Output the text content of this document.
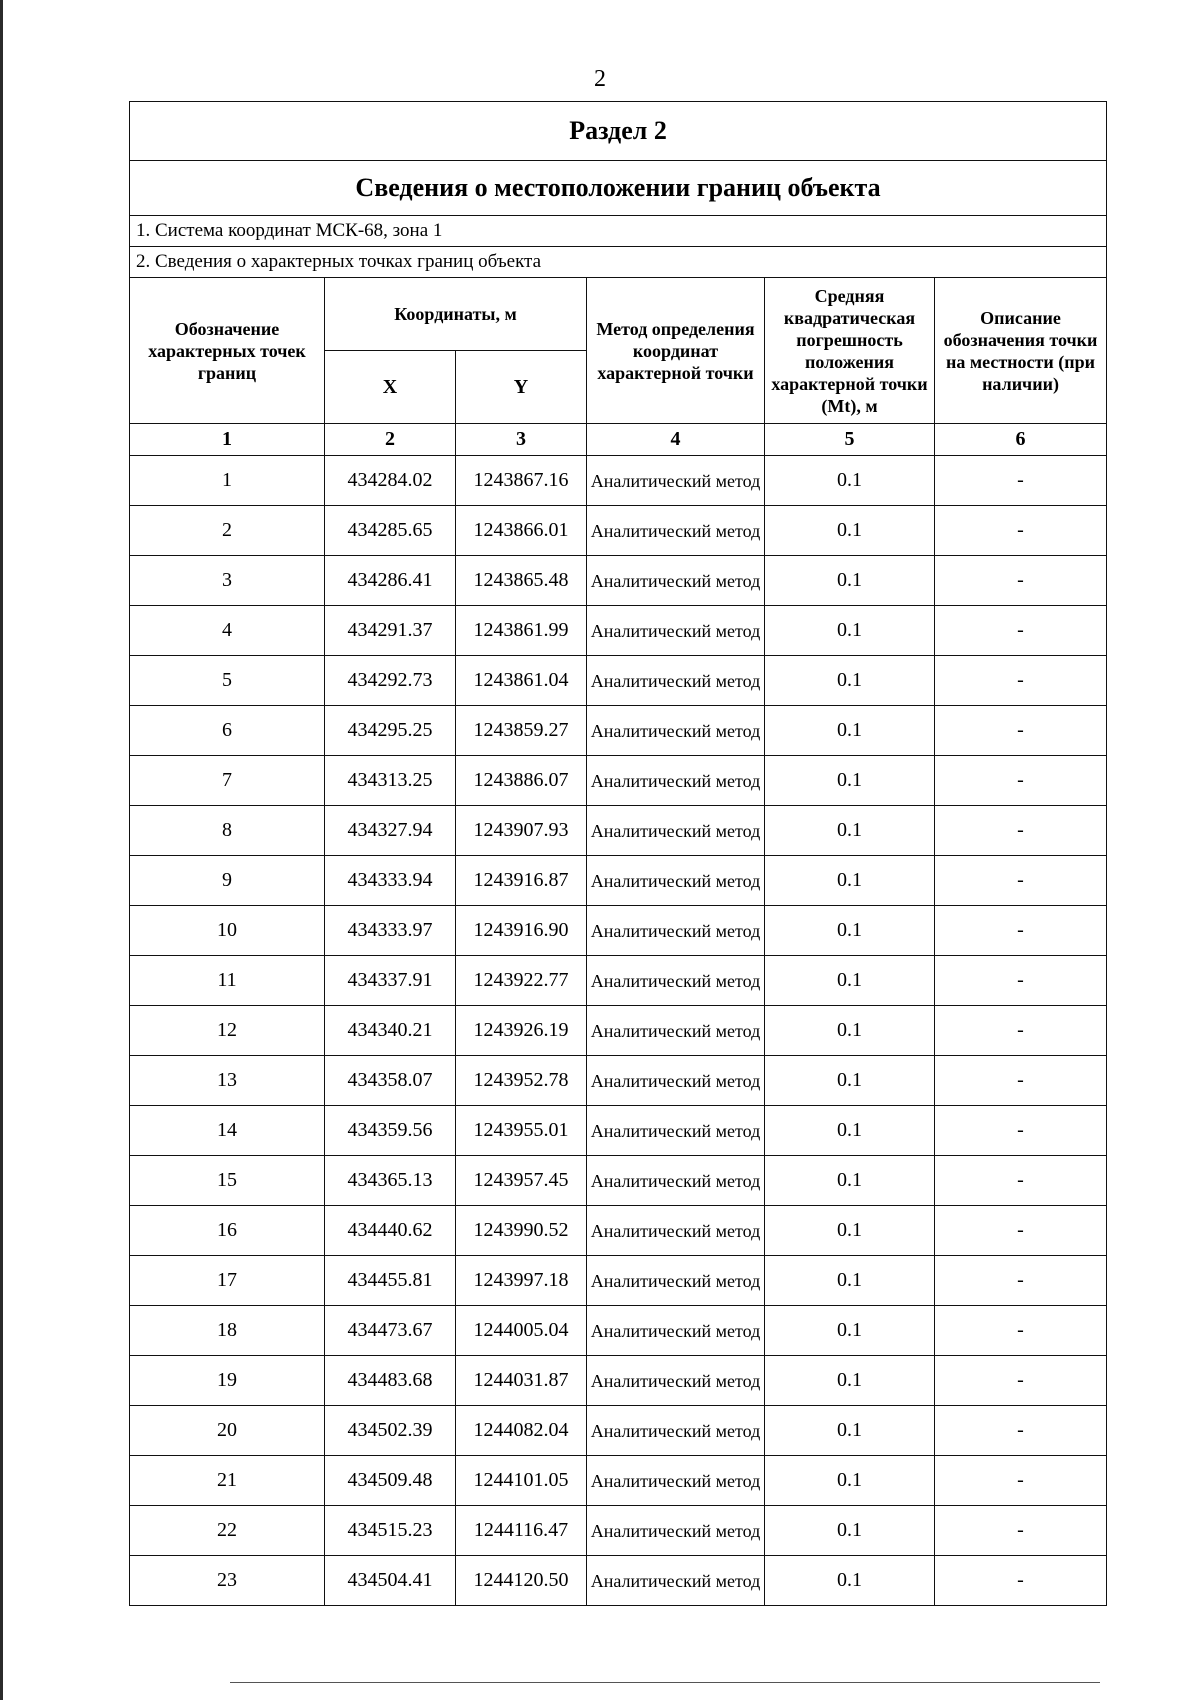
2
Раздел 2					
Сведения о местоположении границ объекта					
1. Система координат МСК-68, зона 1					
2. Сведения о характерных точках границ объекта					
Обозначение характерных точек границ	Координаты, м		Метод определения координат характерной точки	Средняя квадратическая погрешность положения характерной точки (Mt), м	Описание обозначения точки на местности (при наличии)
	X	Y			
1	2	3	4	5	6
1	434284.02	1243867.16	Аналитический метод	0.1	-
2	434285.65	1243866.01	Аналитический метод	0.1	-
3	434286.41	1243865.48	Аналитический метод	0.1	-
4	434291.37	1243861.99	Аналитический метод	0.1	-
5	434292.73	1243861.04	Аналитический метод	0.1	-
6	434295.25	1243859.27	Аналитический метод	0.1	-
7	434313.25	1243886.07	Аналитический метод	0.1	-
8	434327.94	1243907.93	Аналитический метод	0.1	-
9	434333.94	1243916.87	Аналитический метод	0.1	-
10	434333.97	1243916.90	Аналитический метод	0.1	-
11	434337.91	1243922.77	Аналитический метод	0.1	-
12	434340.21	1243926.19	Аналитический метод	0.1	-
13	434358.07	1243952.78	Аналитический метод	0.1	-
14	434359.56	1243955.01	Аналитический метод	0.1	-
15	434365.13	1243957.45	Аналитический метод	0.1	-
16	434440.62	1243990.52	Аналитический метод	0.1	-
17	434455.81	1243997.18	Аналитический метод	0.1	-
18	434473.67	1244005.04	Аналитический метод	0.1	-
19	434483.68	1244031.87	Аналитический метод	0.1	-
20	434502.39	1244082.04	Аналитический метод	0.1	-
21	434509.48	1244101.05	Аналитический метод	0.1	-
22	434515.23	1244116.47	Аналитический метод	0.1	-
23	434504.41	1244120.50	Аналитический метод	0.1	-
